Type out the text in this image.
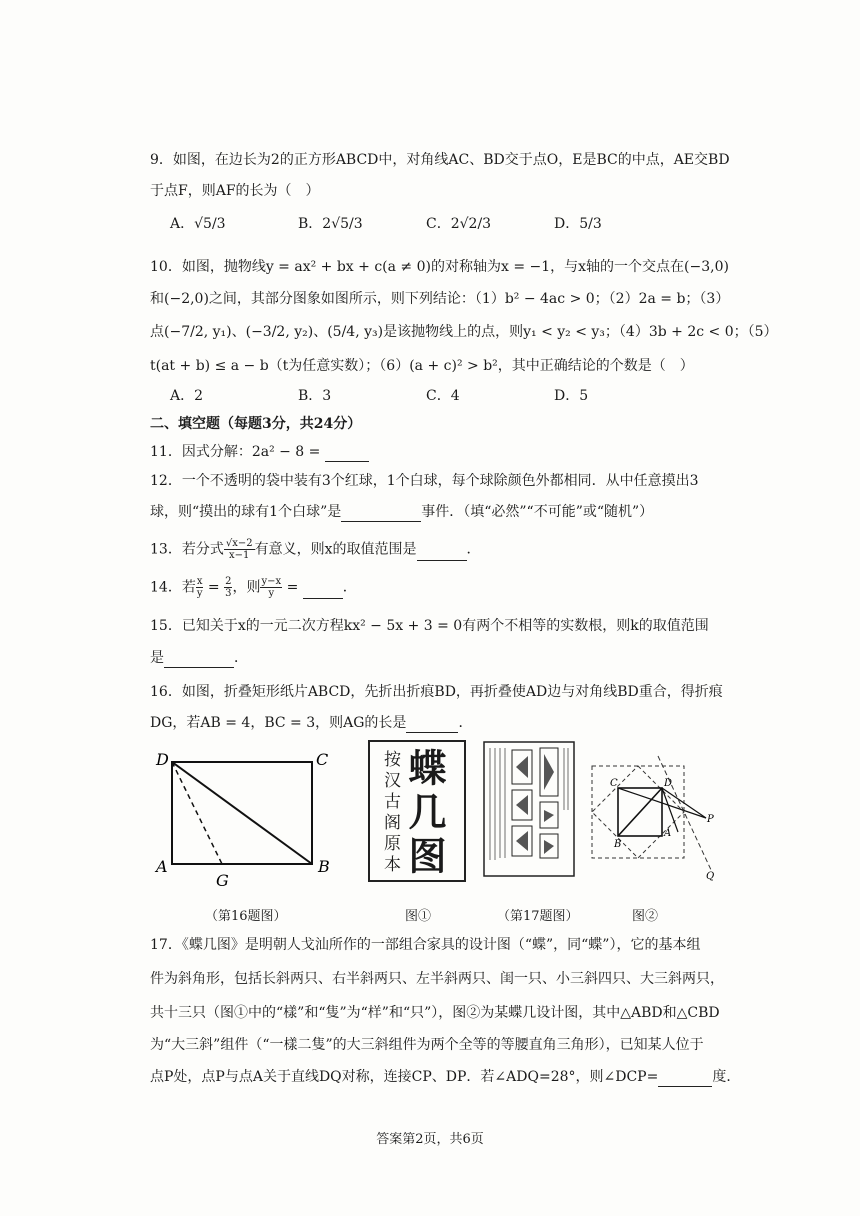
9．如图，在边长为2的正方形ABCD中，对角线AC、BD交于点O，E是BC的中点，AE交BD
于点F，则AF的长为（　）
A．√5/3	B．2√5/3	C．2√2/3	D．5/3
10．如图，抛物线y = ax² + bx + c(a ≠ 0)的对称轴为x = −1，与x轴的一个交点在(−3,0)
和(−2,0)之间，其部分图象如图所示，则下列结论：（1）b² − 4ac > 0；（2）2a = b；（3）
点(−7/2, y₁)、(−3/2, y₂)、(5/4, y₃)是该抛物线上的点，则y₁ < y₂ < y₃；（4）3b + 2c < 0；（5）
t(at + b) ≤ a − b（t为任意实数）；（6）(a + c)² > b²，其中正确结论的个数是（　）
A．2	B．3	C．4	D．5
二、填空题（每题3分，共24分）
11．因式分解：2a² − 8 =
12．一个不透明的袋中装有3个红球，1个白球，每个球除颜色外都相同．从中任意摸出3
球，则“摸出的球有1个白球”是	事件．（填“必然”“不可能”或“随机”）
13．若分式 $\frac{√x-2}{x-1}$ 有意义，则x的取值范围是	．
14．若 $\frac{x}{y} = \frac{2}{3}$ ，则 $\frac{y-x}{y}$ =	．
15．已知关于x的一元二次方程kx² − 5x + 3 = 0有两个不相等的实数根，则k的取值范围
是	．
16．如图，折叠矩形纸片ABCD，先折出折痕BD，再折叠使AD边与对角线BD重合，得折痕
DG，若AB = 4，BC = 3，则AG的长是	．
D	C
A
G
B 蝶几图
按汉古阁原本	C	D
A
B
P
Q
（第16题图）	图①	（第17题图）	图②
17．《蝶几图》是明朝人戈汕所作的一部组合家具的设计图（“蝶”，同“蝶”），它的基本组
件为斜角形，包括长斜两只、右半斜两只、左半斜两只、闺一只、小三斜四只、大三斜两只，
共十三只（图①中的“樣”和“隻”为“样”和“只”），图②为某蝶几设计图，其中△ABD和△CBD
为“大三斜”组件（“一樣二隻”的大三斜组件为两个全等的等腰直角三角形），已知某人位于
点P处，点P与点A关于直线DQ对称，连接CP、DP．若∠ADQ=28°，则∠DCP=	度．
答案第2页，共6页
